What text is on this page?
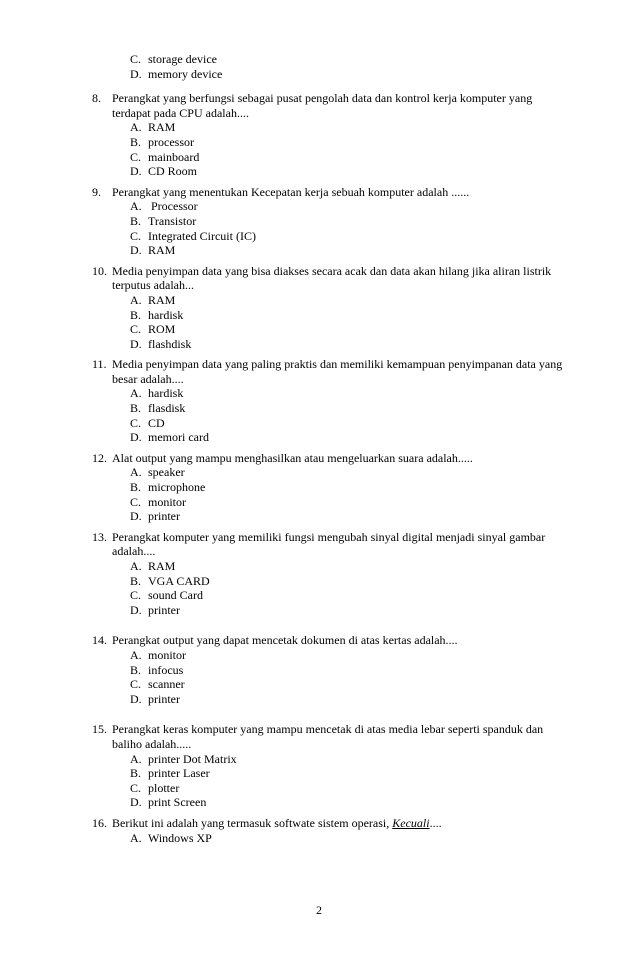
C. storage device
D. memory device
8. Perangkat yang berfungsi sebagai pusat pengolah data dan kontrol kerja komputer yang terdapat pada CPU adalah....
A. RAM
B. processor
C. mainboard
D. CD Room
9. Perangkat yang menentukan Kecepatan kerja sebuah komputer adalah ......
A. Processor
B. Transistor
C. Integrated Circuit (IC)
D. RAM
10. Media penyimpan data yang bisa diakses secara acak dan data akan hilang jika aliran listrik terputus adalah...
A. RAM
B. hardisk
C. ROM
D. flashdisk
11. Media penyimpan data yang paling praktis dan memiliki kemampuan penyimpanan data yang besar adalah....
A. hardisk
B. flasdisk
C. CD
D. memori card
12. Alat output yang mampu menghasilkan atau mengeluarkan suara adalah.....
A. speaker
B. microphone
C. monitor
D. printer
13. Perangkat komputer yang memiliki fungsi mengubah sinyal digital menjadi sinyal gambar adalah....
A. RAM
B. VGA CARD
C. sound Card
D. printer
14. Perangkat output yang dapat mencetak dokumen di atas kertas adalah....
A. monitor
B. infocus
C. scanner
D. printer
15. Perangkat keras komputer yang mampu mencetak di atas media lebar seperti spanduk dan baliho adalah.....
A. printer Dot Matrix
B. printer Laser
C. plotter
D. print Screen
16. Berikut ini adalah yang termasuk softwate sistem operasi, Kecuali....
A. Windows XP
2
